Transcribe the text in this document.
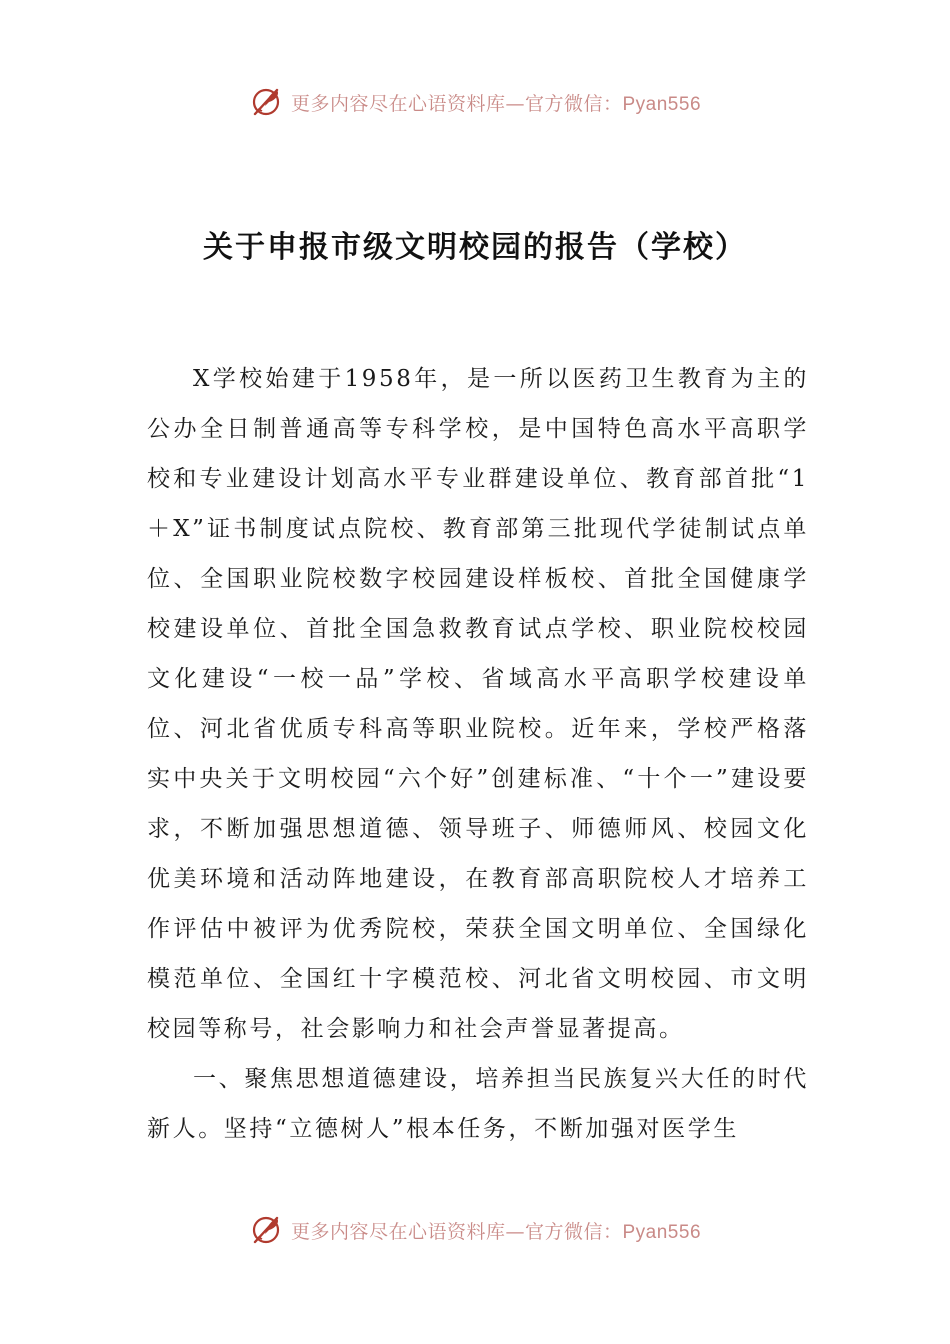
更多内容尽在心语资料库—官方微信：Pyan556
关于申报市级文明校园的报告（学校）

X学校始建于1958年，是一所以医药卫生教育为主的公办全日制普通高等专科学校，是中国特色高水平高职学校和专业建设计划高水平专业群建设单位、教育部首批“1＋X”证书制度试点院校、教育部第三批现代学徒制试点单位、全国职业院校数字校园建设样板校、首批全国健康学校建设单位、首批全国急救教育试点学校、职业院校校园文化建设“一校一品”学校、省域高水平高职学校建设单位、河北省优质专科高等职业院校。近年来，学校严格落实中央关于文明校园“六个好”创建标准、“十个一”建设要求，不断加强思想道德、领导班子、师德师风、校园文化优美环境和活动阵地建设，在教育部高职院校人才培养工作评估中被评为优秀院校，荣获全国文明单位、全国绿化模范单位、全国红十字模范校、河北省文明校园、市文明校园等称号，社会影响力和社会声誉显著提高。

一、聚焦思想道德建设，培养担当民族复兴大任的时代新人。坚持“立德树人”根本任务，不断加强对医学生

更多内容尽在心语资料库—官方微信：Pyan556
